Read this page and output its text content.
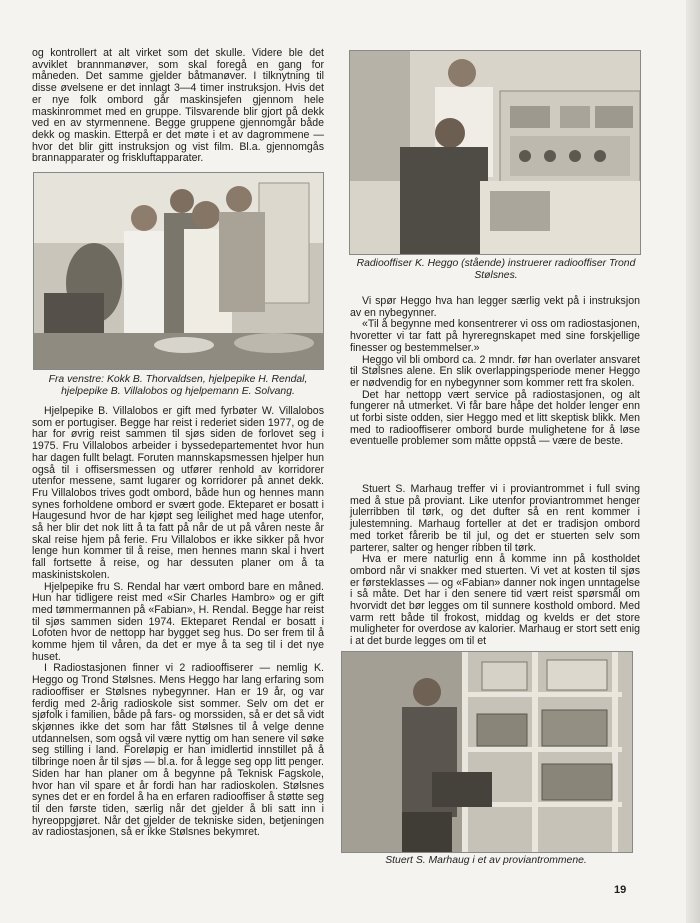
og kontrollert at alt virket som det skulle. Videre ble det avviklet brannmanøver, som skal foregå en gang for måneden. Det samme gjelder båtmanøver. I tilknytning til disse øvelsene er det innlagt 3—4 timer instruksjon. Hvis det er nye folk ombord går maskinsjefen gjennom hele maskinrommet med en gruppe. Tilsvarende blir gjort på dekk ved en av styrmennene. Begge gruppene gjennomgår både dekk og maskin. Etterpå er det møte i et av dagrommene — hvor det blir gitt instruksjon og vist film. Bl.a. gjennomgås brannapparater og friskluftapparater.

Fra venstre: Kokk B. Thorvaldsen, hjelpepike H. Rendal, hjelpepike B. Villalobos og hjelpemann E. Solvang.

Hjelpepike B. Villalobos er gift med fyrbøter W. Villalobos som er portugiser. Begge har reist i rederiet siden 1977, og de har for øvrig reist sammen til sjøs siden de forlovet seg i 1975. Fru Villalobos arbeider i byssedepartementet hvor hun har dagen fullt belagt. Foruten mannskapsmessen hjelper hun også til i offisersmessen og utfører renhold av korridorer utenfor messene, samt lugarer og korridorer på annet dekk. Fru Villalobos trives godt ombord, både hun og hennes mann synes forholdene ombord er svært gode. Ekteparet er bosatt i Haugesund hvor de har kjøpt seg leilighet med hage utenfor, så her blir det nok litt å ta fatt på når de ut på våren neste år skal reise hjem på ferie. Fru Villalobos er ikke sikker på hvor lenge hun kommer til å reise, men hennes mann skal i hvert fall fortsette å reise, og har dessuten planer om å ta maskinistskolen.

Hjelpepike fru S. Rendal har vært ombord bare en måned. Hun har tidligere reist med «Sir Charles Hambro» og er gift med tømmermannen på «Fabian», H. Rendal. Begge har reist til sjøs sammen siden 1974. Ekteparet Rendal er bosatt i Lofoten hvor de nettopp har bygget seg hus. Do ser frem til å komme hjem til våren, da det er mye å ta seg til i det nye huset.

I Radiostasjonen finner vi 2 radiooffiserer — nemlig K. Heggo og Trond Stølsnes. Mens Heggo har lang erfaring som radiooffiser er Stølsnes nybegynner. Han er 19 år, og var ferdig med 2-årig radioskole sist sommer. Selv om det er sjøfolk i familien, både på fars- og morssiden, så er det så vidt skjønnes ikke det som har fått Stølsnes til å velge denne utdannelsen, som også vil være nyttig om han senere vil søke seg stilling i land. Foreløpig er han imidlertid innstillet på å tilbringe noen år til sjøs — bl.a. for å legge seg opp litt penger. Siden har han planer om å begynne på Teknisk Fagskole, hvor han vil spare et år fordi han har radioskolen. Stølsnes synes det er en fordel å ha en erfaren radiooffiser å støtte seg til den første tiden, særlig når det gjelder å bli satt inn i hyreoppgjøret. Når det gjelder de tekniske siden, betjeningen av radiostasjonen, så er ikke Stølsnes bekymret.

Radiooffiser K. Heggo (stående) instruerer radiooffiser Trond Stølsnes.

Vi spør Heggo hva han legger særlig vekt på i instruksjon av en nybegynner.

«Til å begynne med konsentrerer vi oss om radiostasjonen, hvoretter vi tar fatt på hyreregnskapet med sine forskjellige finesser og bestemmelser.»

Heggo vil bli ombord ca. 2 mndr. før han overlater ansvaret til Stølsnes alene. En slik overlappingsperiode mener Heggo er nødvendig for en nybegynner som kommer rett fra skolen.

Det har nettopp vært service på radiostasjonen, og alt fungerer nå utmerket. Vi får bare håpe det holder lenger enn ut forbi siste odden, sier Heggo med et litt skeptisk blikk. Men med to radiooffiserer ombord burde mulighetene for å løse eventuelle problemer som måtte oppstå — være de beste.

Stuert S. Marhaug treffer vi i proviantrommet i full sving med å stue på proviant. Like utenfor proviantrommet henger julerribben til tørk, og det dufter så en rent kommer i julestemning. Marhaug forteller at det er tradisjon ombord med torket fårerib be til jul, og det er stuerten selv som parterer, salter og henger ribben til tørk.

Hva er mere naturlig enn å komme inn på kostholdet ombord når vi snakker med stuerten. Vi vet at kosten til sjøs er førsteklasses — og «Fabian» danner nok ingen unntagelse i så måte. Det har i den senere tid vært reist spørsmål om hvorvidt det bør legges om til sunnere kosthold ombord. Med varm rett både til frokost, middag og kvelds er det store muligheter for overdose av kalorier. Marhaug er stort sett enig i at det burde legges om til et

Stuert S. Marhaug i et av proviantrommene.
19
